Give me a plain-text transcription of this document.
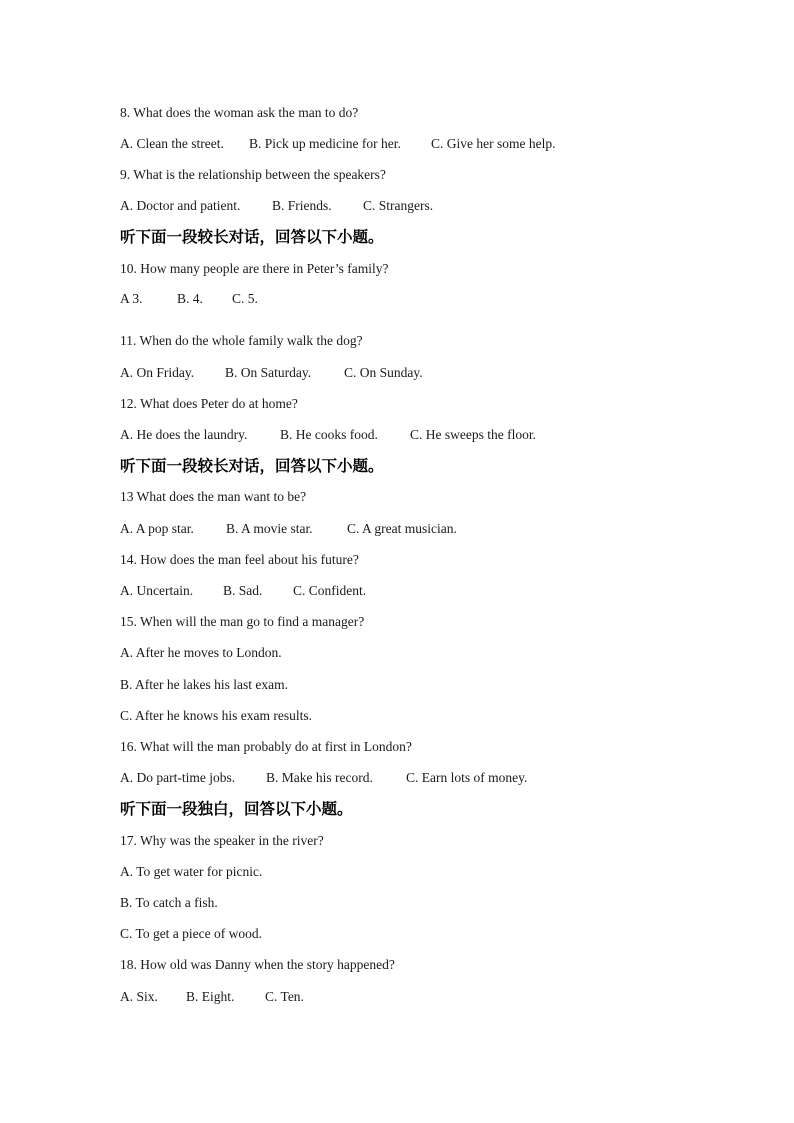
8. What does the woman ask the man to do?
A. Clean the street. B. Pick up medicine for her. C. Give her some help.
9. What is the relationship between the speakers?
A. Doctor and patient. B. Friends. C. Strangers.
听下面一段较长对话，回答以下小题。
10. How many people are there in Peter’s family?
A 3.	B. 4. C. 5.
11. When do the whole family walk the dog?
A. On Friday. B. On Saturday. C. On Sunday.
12. What does Peter do at home?
A. He does the laundry. B. He cooks food. C. He sweeps the floor.
听下面一段较长对话，回答以下小题。
13 What does the man want to be?
A. A pop star. B. A movie star.	C. A great musician.
14. How does the man feel about his future?
A. Uncertain. B. Sad. C. Confident.
15. When will the man go to find a manager?
A. After he moves to London.
B. After he lakes his last exam.
C. After he knows his exam results.
16. What will the man probably do at first in London?
A. Do part-time jobs. B. Make his record. C. Earn lots of money.
听下面一段独白，回答以下小题。
17. Why was the speaker in the river?
A. To get water for picnic.
B. To catch a fish.
C. To get a piece of wood.
18. How old was Danny when the story happened?
A. Six. B. Eight. C. Ten.
